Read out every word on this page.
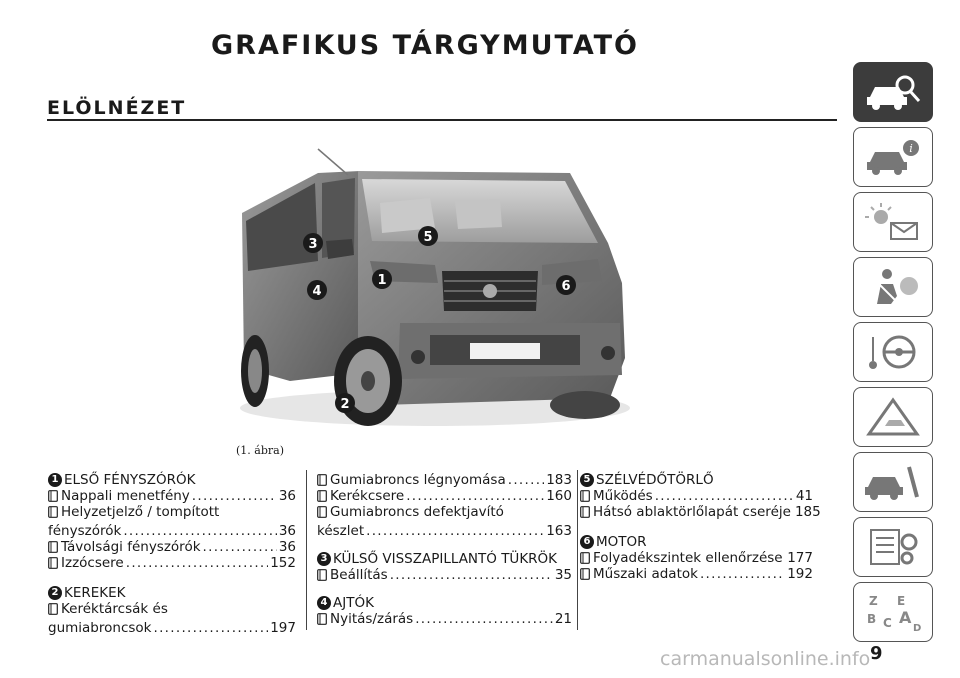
GRAFIKUS TÁRGYMUTATÓ
ELÖLNÉZET
3
4
1
5
6
2
(1. ábra)
i
Z E
B A
C D
1 ELSŐ FÉNYSZÓRÓK
Nappali menetfény .....	36
Helyzetjelző / tompított
fényszórók .....	36
Távolsági fényszórók .....	36
Izzócsere .....	152
2 KEREKEK
Keréktárcsák és
gumiabroncsok .....	197
Gumiabroncs légnyomása .....	183
Kerékcsere .....	160
Gumiabroncs defektjavító
készlet .....	163
3 KÜLSŐ VISSZAPILLANTÓ TÜKRÖK
Beállítás .....	35
4 AJTÓK
Nyitás/zárás .....	21
5 SZÉLVÉDŐTÖRLŐ
Működés .....	41
Hátsó ablaktörlőlapát cseréje 185
6 MOTOR
Folyadékszintek ellenőrzése ..... 177
Műszaki adatok .....	192
9
carmanualsonline.info
